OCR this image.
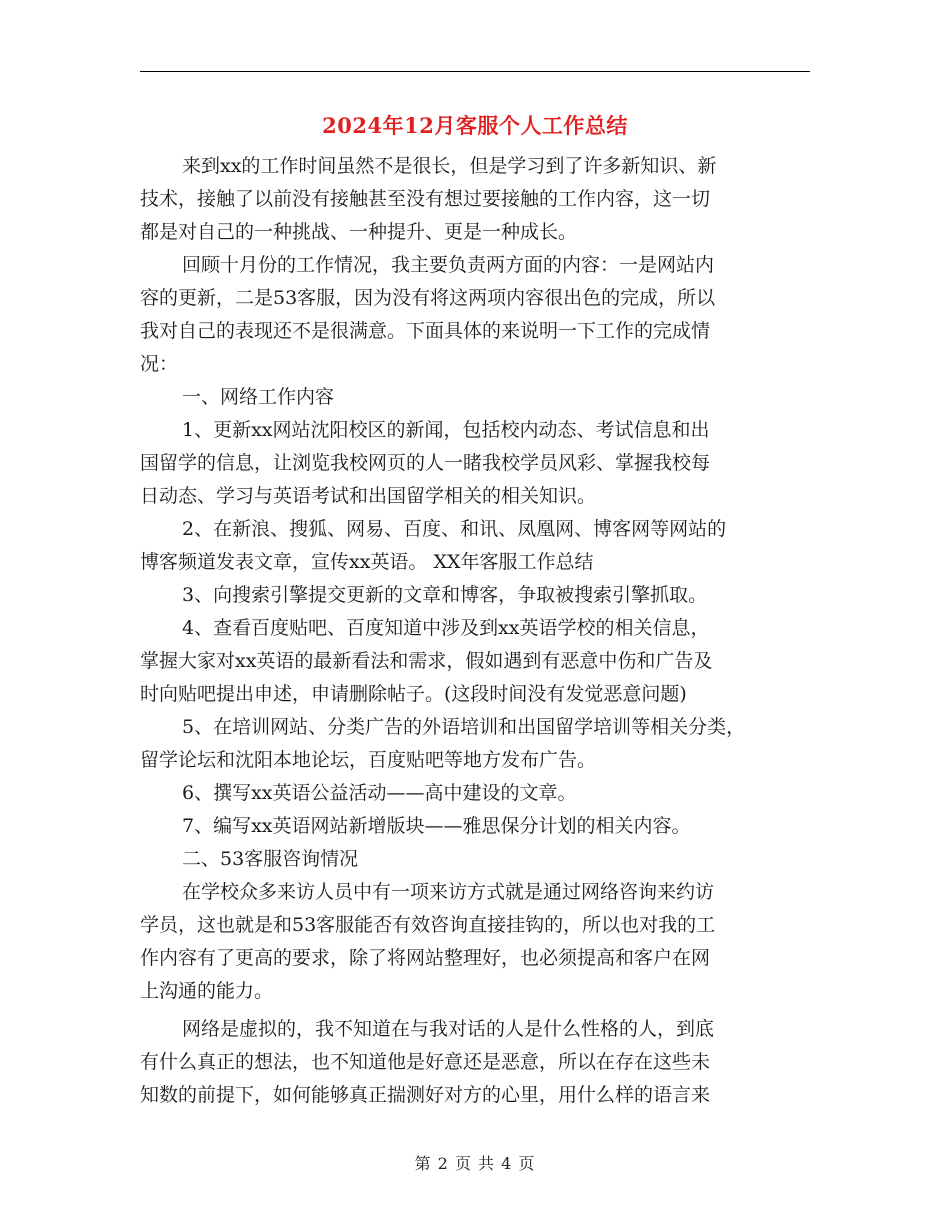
2024年12月客服个人工作总结
来到xx的工作时间虽然不是很长，但是学习到了许多新知识、新
技术，接触了以前没有接触甚至没有想过要接触的工作内容，这一切
都是对自己的一种挑战、一种提升、更是一种成长。
回顾十月份的工作情况，我主要负责两方面的内容：一是网站内
容的更新，二是53客服，因为没有将这两项内容很出色的完成，所以
我对自己的表现还不是很满意。下面具体的来说明一下工作的完成情
况：
一、网络工作内容
1、更新xx网站沈阳校区的新闻，包括校内动态、考试信息和出
国留学的信息，让浏览我校网页的人一睹我校学员风彩、掌握我校每
日动态、学习与英语考试和出国留学相关的相关知识。
2、在新浪、搜狐、网易、百度、和讯、凤凰网、博客网等网站的
博客频道发表文章，宣传xx英语。 XX年客服工作总结
3、向搜索引擎提交更新的文章和博客，争取被搜索引擎抓取。
4、查看百度贴吧、百度知道中涉及到xx英语学校的相关信息，
掌握大家对xx英语的最新看法和需求，假如遇到有恶意中伤和广告及
时向贴吧提出申述，申请删除帖子。(这段时间没有发觉恶意问题)
5、在培训网站、分类广告的外语培训和出国留学培训等相关分类，
留学论坛和沈阳本地论坛，百度贴吧等地方发布广告。
6、撰写xx英语公益活动——高中建设的文章。
7、编写xx英语网站新增版块——雅思保分计划的相关内容。
二、53客服咨询情况
在学校众多来访人员中有一项来访方式就是通过网络咨询来约访
学员，这也就是和53客服能否有效咨询直接挂钩的，所以也对我的工
作内容有了更高的要求，除了将网站整理好，也必须提高和客户在网
上沟通的能力。
网络是虚拟的，我不知道在与我对话的人是什么性格的人，到底
有什么真正的想法，也不知道他是好意还是恶意，所以在存在这些未
知数的前提下，如何能够真正揣测好对方的心里，用什么样的语言来
第 2 页 共 4 页
